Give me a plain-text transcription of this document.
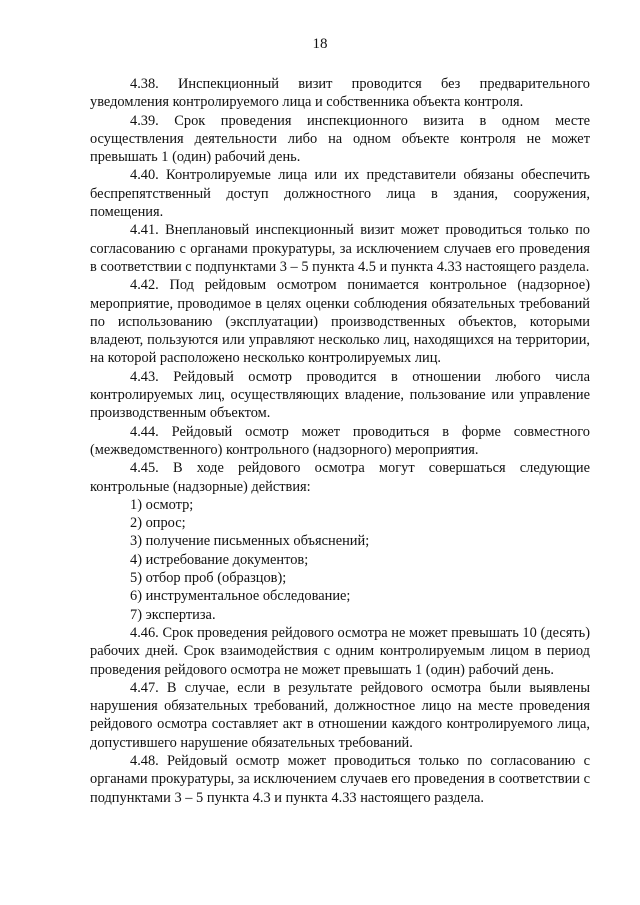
18

4.38. Инспекционный визит проводится без предварительного уведомления контролируемого лица и собственника объекта контроля.

4.39. Срок проведения инспекционного визита в одном месте осуществления деятельности либо на одном объекте контроля не может превышать 1 (один) рабочий день.

4.40. Контролируемые лица или их представители обязаны обеспечить беспрепятственный доступ должностного лица в здания, сооружения, помещения.

4.41. Внеплановый инспекционный визит может проводиться только по согласованию с органами прокуратуры, за исключением случаев его проведения в соответствии с подпунктами 3 – 5 пункта 4.5 и пункта 4.33 настоящего раздела.

4.42. Под рейдовым осмотром понимается контрольное (надзорное) мероприятие, проводимое в целях оценки соблюдения обязательных требований по использованию (эксплуатации) производственных объектов, которыми владеют, пользуются или управляют несколько лиц, находящихся на территории, на которой расположено несколько контролируемых лиц.

4.43. Рейдовый осмотр проводится в отношении любого числа контролируемых лиц, осуществляющих владение, пользование или управление производственным объектом.

4.44. Рейдовый осмотр может проводиться в форме совместного (межведомственного) контрольного (надзорного) мероприятия.

4.45. В ходе рейдового осмотра могут совершаться следующие контрольные (надзорные) действия:

1) осмотр;
2) опрос;
3) получение письменных объяснений;
4) истребование документов;
5) отбор проб (образцов);
6) инструментальное обследование;
7) экспертиза.

4.46. Срок проведения рейдового осмотра не может превышать 10 (десять) рабочих дней. Срок взаимодействия с одним контролируемым лицом в период проведения рейдового осмотра не может превышать 1 (один) рабочий день.

4.47. В случае, если в результате рейдового осмотра были выявлены нарушения обязательных требований, должностное лицо на месте проведения рейдового осмотра составляет акт в отношении каждого контролируемого лица, допустившего нарушение обязательных требований.

4.48. Рейдовый осмотр может проводиться только по согласованию с органами прокуратуры, за исключением случаев его проведения в соответствии с подпунктами 3 – 5 пункта 4.3 и пункта 4.33 настоящего раздела.
